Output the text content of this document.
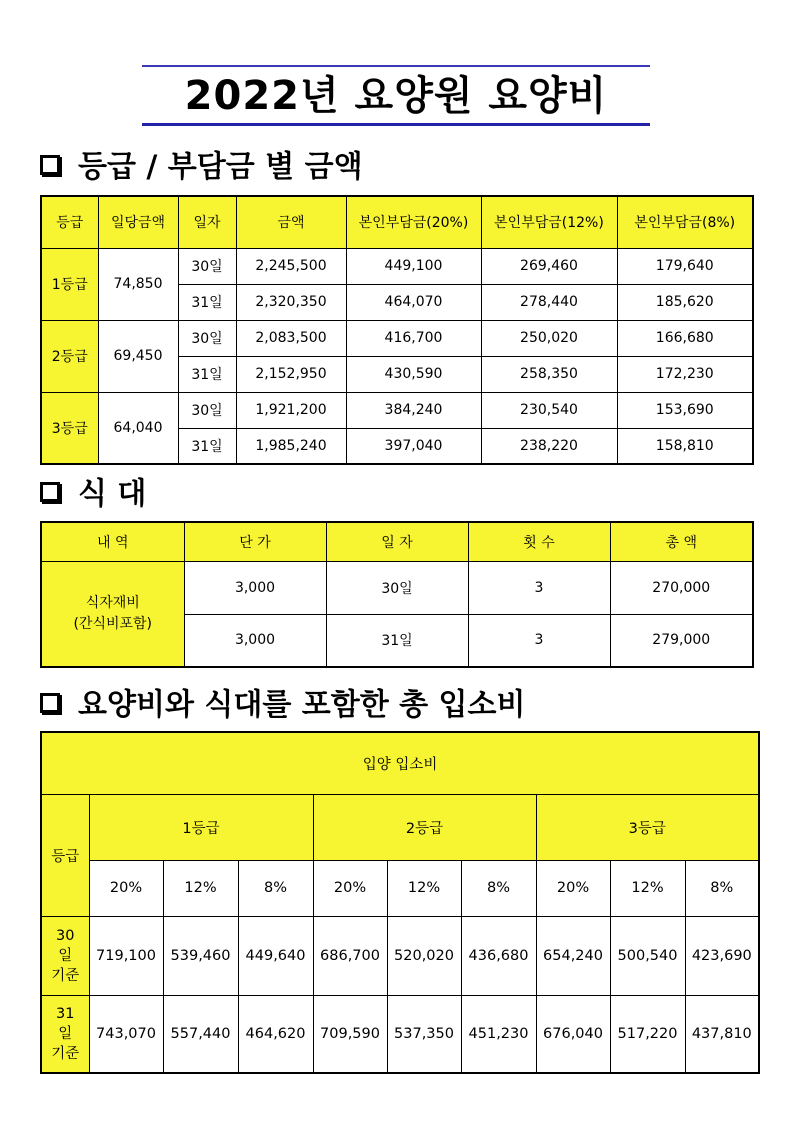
2022년 요양원 요양비
등급 / 부담금 별 금액
등급	일당금액	일자	금액	본인부담금(20%)	본인부담금(12%)	본인부담금(8%)
1등급	74,850	30일	2,245,500	449,100	269,460	179,640
		31일	2,320,350	464,070	278,440	185,620
2등급	69,450	30일	2,083,500	416,700	250,020	166,680
		31일	2,152,950	430,590	258,350	172,230
3등급	64,040	30일	1,921,200	384,240	230,540	153,690
		31일	1,985,240	397,040	238,220	158,810
식 대
내 역	단 가	일 자	횟 수	총 액

식자재비
(간식비포함)	3,000	30일	3	270,000
	3,000	31일	3	279,000
요양비와 식대를 포함한 총 입소비
입양 입소비									
등급	1등급			2등급			3등급		
	20%	12%	8%	20%	12%	8%	20%	12%	8%

30
일
기준	719,100	539,460	449,640	686,700	520,020	436,680	654,240	500,540	423,690

31
일
기준	743,070	557,440	464,620	709,590	537,350	451,230	676,040	517,220	437,810
